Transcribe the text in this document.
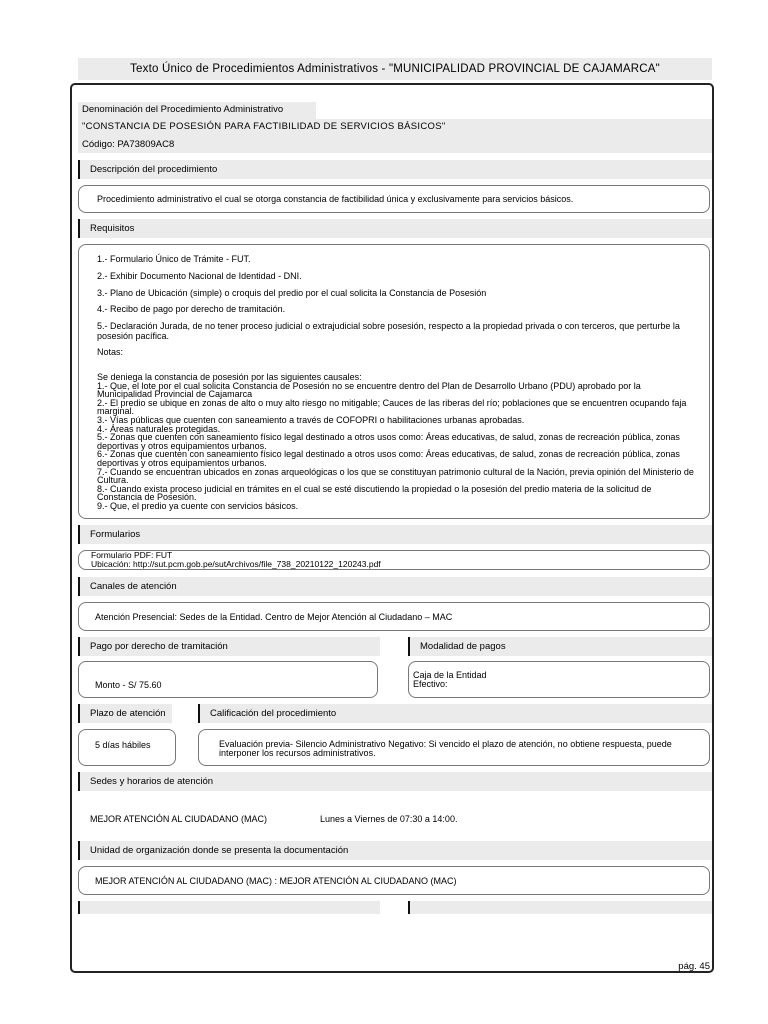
Texto Único de Procedimientos Administrativos - "MUNICIPALIDAD PROVINCIAL DE CAJAMARCA"
Denominación del Procedimiento Administrativo
"CONSTANCIA DE POSESIÓN PARA FACTIBILIDAD DE SERVICIOS BÁSICOS"
Código: PA73809AC8
Descripción del procedimiento
Procedimiento administrativo el cual se otorga constancia de factibilidad única y exclusivamente para servicios básicos.
Requisitos

1.- Formulario Único de Trámite - FUT.

2.- Exhibir Documento Nacional de Identidad - DNI.

3.- Plano de Ubicación (simple) o croquis del predio por el cual solicita la Constancia de Posesión

4.- Recibo de pago por derecho de tramitación.

5.- Declaración Jurada, de no tener proceso judicial o extrajudicial sobre posesión, respecto a la propiedad privada o con terceros, que perturbe la posesión pacífica.

Notas:

Se deniega la constancia de posesión por las siguientes causales:
1.- Que, el lote por el cual solicita Constancia de Posesión no se encuentre dentro del Plan de Desarrollo Urbano (PDU) aprobado por la Municipalidad Provincial de Cajamarca
2.- El predio se ubique en zonas de alto o muy alto riesgo no mitigable; Cauces de las riberas del río; poblaciones que se encuentren ocupando faja marginal.
3.- Vías públicas que cuenten con saneamiento a través de COFOPRI o habilitaciones urbanas aprobadas.
4.- Áreas naturales protegidas.
5.- Zonas que cuenten con saneamiento físico legal destinado a otros usos como: Áreas educativas, de salud, zonas de recreación pública, zonas deportivas y otros equipamientos urbanos.
6.- Zonas que cuenten con saneamiento físico legal destinado a otros usos como: Áreas educativas, de salud, zonas de recreación pública, zonas deportivas y otros equipamientos urbanos.
7.- Cuando se encuentran ubicados en zonas arqueológicas o los que se constituyan patrimonio cultural de la Nación, previa opinión del Ministerio de Cultura.
8.- Cuando exista proceso judicial en trámites en el cual se esté discutiendo la propiedad o la posesión del predio materia de la solicitud de Constancia de Posesión.
9.- Que, el predio ya cuente con servicios básicos.
Formularios
Formulario PDF: FUT
Ubicación: http://sut.pcm.gob.pe/sutArchivos/file_738_20210122_120243.pdf
Canales de atención
Atención Presencial: Sedes de la Entidad. Centro de Mejor Atención al Ciudadano – MAC
Pago por derecho de tramitación	Modalidad de pagos
Monto - S/ 75.60
Caja de la Entidad
Efectivo:
Plazo de atención	Calificación del procedimiento
5 días hábiles	Evaluación previa- Silencio Administrativo Negativo: Si vencido el plazo de atención, no obtiene respuesta, puede interponer los recursos administrativos.
Sedes y horarios de atención
MEJOR ATENCIÓN AL CIUDADANO (MAC)	Lunes a Viernes de 07:30 a 14:00.
Unidad de organización donde se presenta la documentación
MEJOR ATENCIÓN AL CIUDADANO (MAC) : MEJOR ATENCIÓN AL CIUDADANO (MAC)
pág. 45
